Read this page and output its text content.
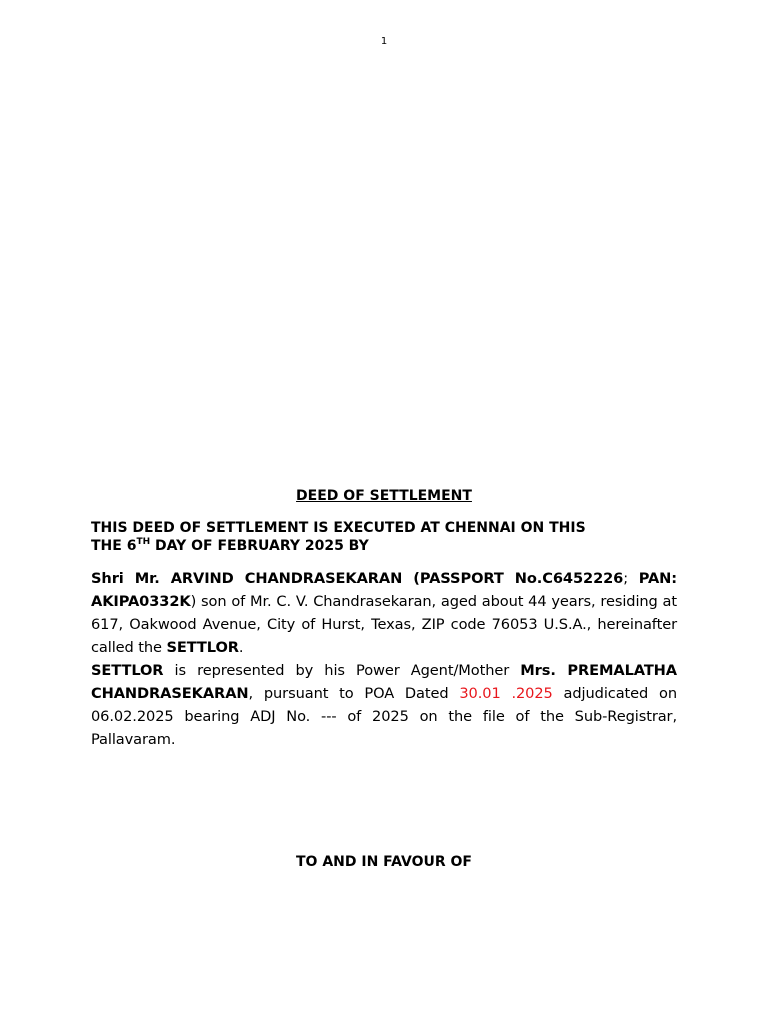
1
DEED OF SETTLEMENT
THIS DEED OF SETTLEMENT IS EXECUTED AT CHENNAI ON THIS
THE 6TH DAY OF FEBRUARY 2025 BY
Shri Mr. ARVIND CHANDRASEKARAN (PASSPORT No.C6452226; PAN: AKIPA0332K) son of Mr. C. V. Chandrasekaran, aged about 44 years, residing at 617, Oakwood Avenue, City of Hurst, Texas, ZIP code 76053 U.S.A., hereinafter called the SETTLOR.
SETTLOR is represented by his Power Agent/Mother Mrs. PREMALATHA CHANDRASEKARAN, pursuant to POA Dated 30.01 .2025 adjudicated on 06.02.2025 bearing ADJ No. --- of 2025 on the file of the Sub-Registrar, Pallavaram.
TO AND IN FAVOUR OF
